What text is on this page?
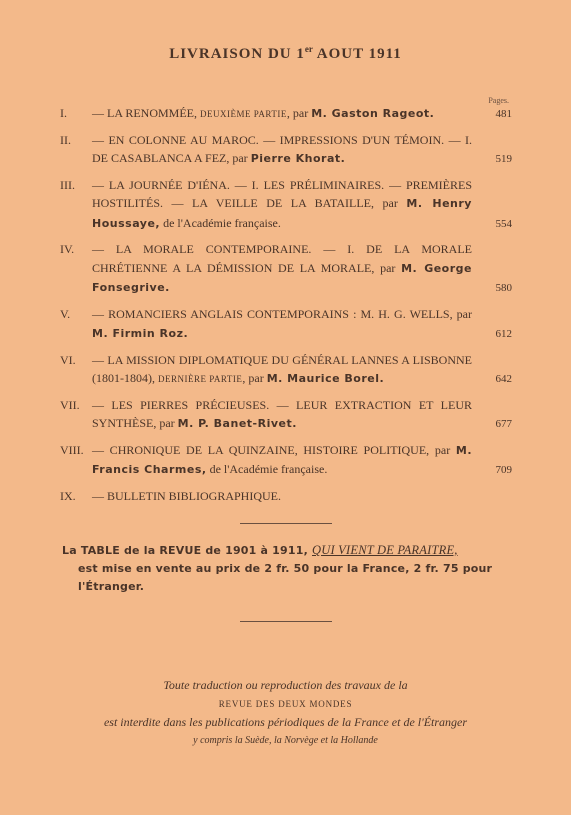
LIVRAISON DU 1er AOUT 1911
Pages.
I.	— LA RENOMMÉE, DEUXIÈME PARTIE, par M. Gaston Rageot.	481
II.	— EN COLONNE AU MAROC. — IMPRESSIONS D'UN TÉMOIN. — I. DE CASABLANCA A FEZ, par Pierre Khorat.	519
III.	— LA JOURNÉE D'IÉNA. — I. LES PRÉLIMINAIRES. — PREMIÈRES HOSTILITÉS. — LA VEILLE DE LA BATAILLE, par M. Henry Houssaye, de l'Académie française.	554
IV.	— LA MORALE CONTEMPORAINE. — I. DE LA MORALE CHRÉTIENNE A LA DÉMISSION DE LA MORALE, par M. George Fonsegrive.	580
V.	— ROMANCIERS ANGLAIS CONTEMPORAINS : M. H. G. WELLS, par M. Firmin Roz.	612
VI.	— LA MISSION DIPLOMATIQUE DU GÉNÉRAL LANNES A LISBONNE (1801-1804), DERNIÈRE PARTIE, par M. Maurice Borel.	642
VII.	— LES PIERRES PRÉCIEUSES. — LEUR EXTRACTION ET LEUR SYNTHÈSE, par M. P. Banet-Rivet.	677
VIII. — CHRONIQUE DE LA QUINZAINE, HISTOIRE POLITIQUE, par M. Francis Charmes, de l'Académie française.	709
IX.	— BULLETIN BIBLIOGRAPHIQUE.
La TABLE de la REVUE de 1901 à 1911, QUI VIENT DE PARAITRE,
est mise en vente au prix de 2 fr. 50 pour la France, 2 fr. 75 pour l'Étranger.
Toute traduction ou reproduction des travaux de la
REVUE DES DEUX MONDES
est interdite dans les publications périodiques de la France et de l'Étranger
y compris la Suède, la Norvège et la Hollande
